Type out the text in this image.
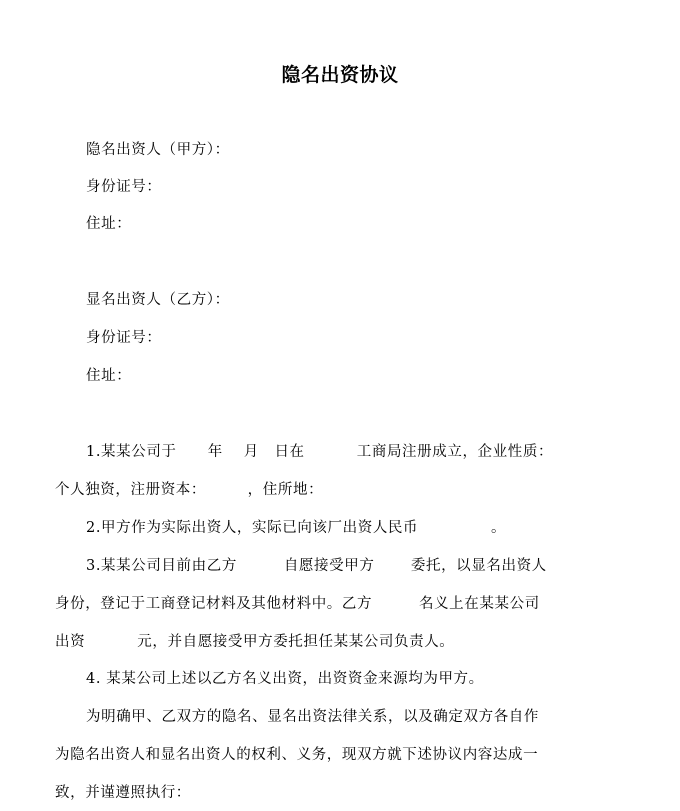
隐名出资协议
隐名出资人（甲方）：
身份证号：
住址：
显名出资人（乙方）：
身份证号：
住址：
1.某某公司于      年    月   日在          工商局注册成立，企业性质：
个人独资，注册资本：        ，住所地：
2.甲方作为实际出资人，实际已向该厂出资人民币              。
3.某某公司目前由乙方         自愿接受甲方       委托，以显名出资人
身份，登记于工商登记材料及其他材料中。乙方         名义上在某某公司
出资          元，并自愿接受甲方委托担任某某公司负责人。
4. 某某公司上述以乙方名义出资，出资资金来源均为甲方。
为明确甲、乙双方的隐名、显名出资法律关系，以及确定双方各自作
为隐名出资人和显名出资人的权利、义务，现双方就下述协议内容达成一
致，并谨遵照执行：
